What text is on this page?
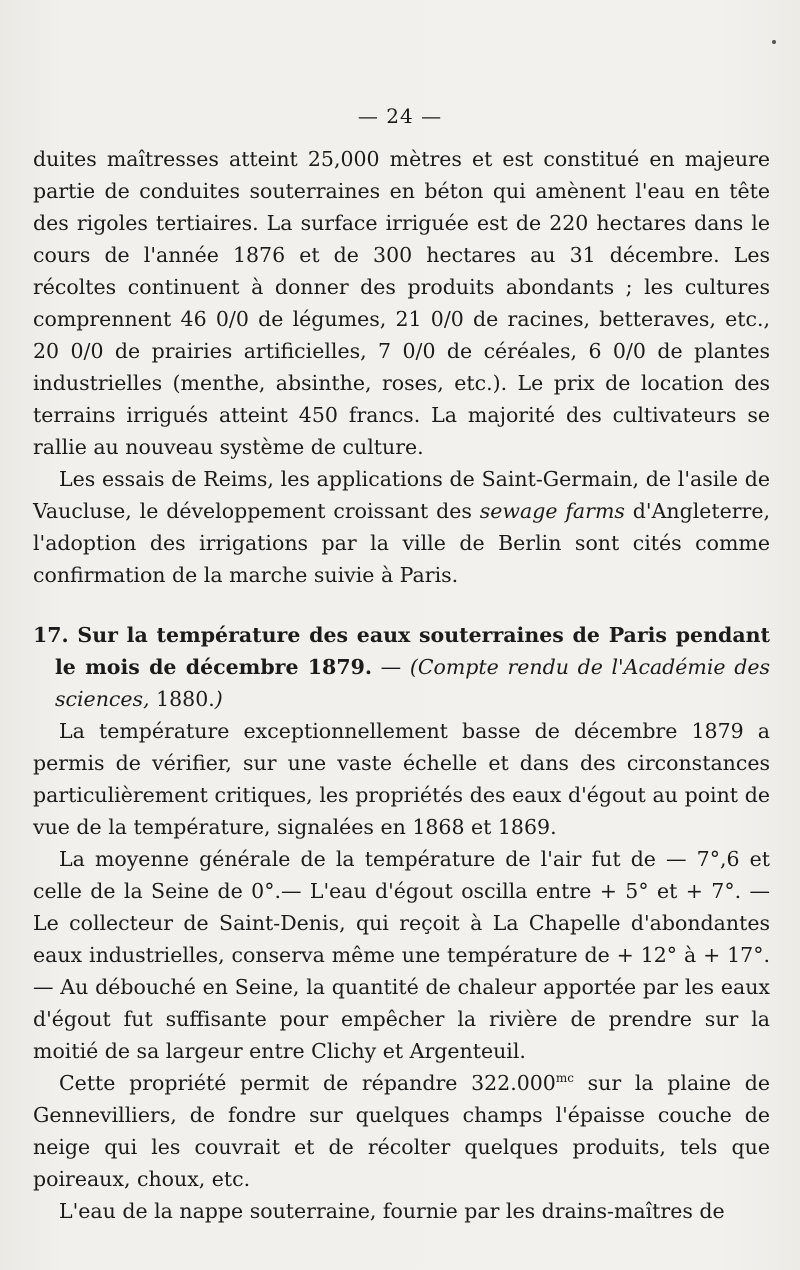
— 24 —

duites maîtresses atteint 25,000 mètres et est constitué en majeure partie de conduites souterraines en béton qui amènent l'eau en tête des rigoles tertiaires. La surface irriguée est de 220 hectares dans le cours de l'année 1876 et de 300 hectares au 31 décembre. Les récoltes continuent à donner des produits abondants ; les cultures comprennent 46 0/0 de légumes, 21 0/0 de racines, betteraves, etc., 20 0/0 de prairies artificielles, 7 0/0 de céréales, 6 0/0 de plantes industrielles (menthe, absinthe, roses, etc.). Le prix de location des terrains irrigués atteint 450 francs. La majorité des cultivateurs se rallie au nouveau système de culture.

Les essais de Reims, les applications de Saint-Germain, de l'asile de Vaucluse, le développement croissant des sewage farms d'Angleterre, l'adoption des irrigations par la ville de Berlin sont cités comme confirmation de la marche suivie à Paris.

17. Sur la température des eaux souterraines de Paris pendant le mois de décembre 1879. — (Compte rendu de l'Académie des sciences, 1880.)

La température exceptionnellement basse de décembre 1879 a permis de vérifier, sur une vaste échelle et dans des circonstances particulièrement critiques, les propriétés des eaux d'égout au point de vue de la température, signalées en 1868 et 1869.

La moyenne générale de la température de l'air fut de — 7°,6 et celle de la Seine de 0°.— L'eau d'égout oscilla entre + 5° et + 7°. — Le collecteur de Saint-Denis, qui reçoit à La Chapelle d'abondantes eaux industrielles, conserva même une température de + 12° à + 17°. — Au débouché en Seine, la quantité de chaleur apportée par les eaux d'égout fut suffisante pour empêcher la rivière de prendre sur la moitié de sa largeur entre Clichy et Argenteuil.

Cette propriété permit de répandre $322.000^{mc}$ sur la plaine de Gennevilliers, de fondre sur quelques champs l'épaisse couche de neige qui les couvrait et de récolter quelques produits, tels que poireaux, choux, etc.

L'eau de la nappe souterraine, fournie par les drains-maîtres de
